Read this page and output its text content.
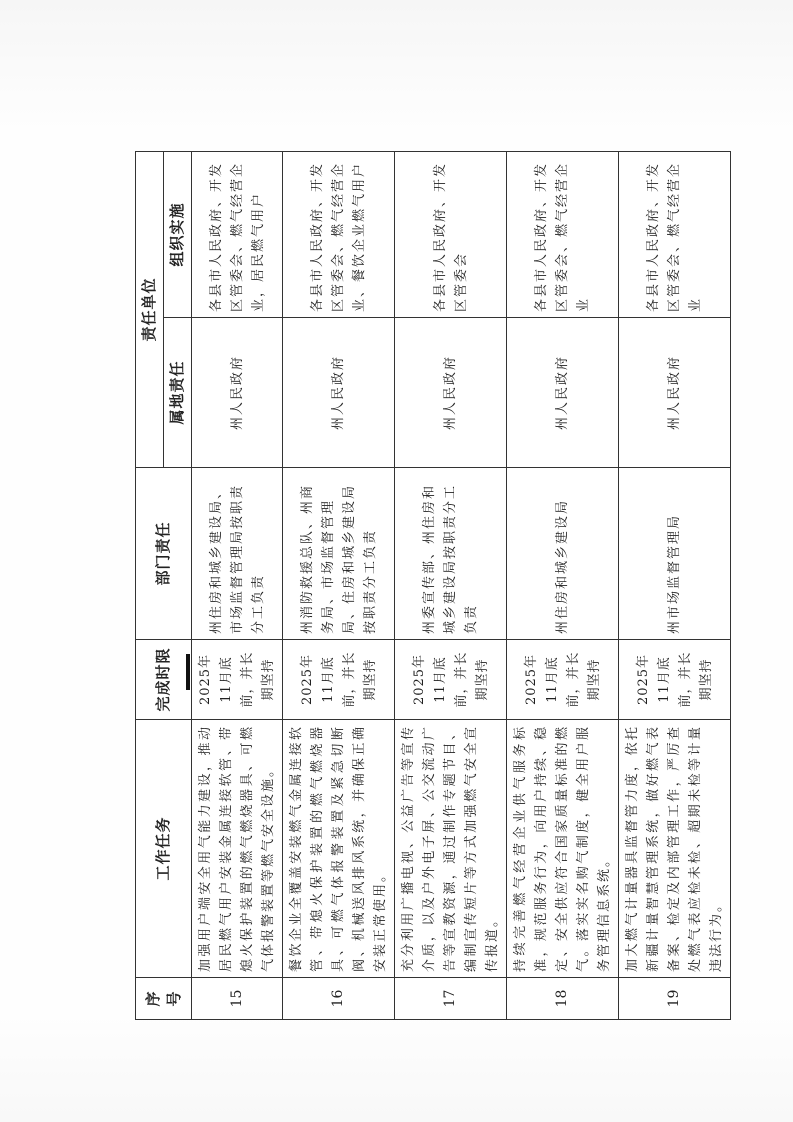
序号	工作任务	完成时限	部门责任	责任单位	
				属地责任	组织实施
15	加强用户端安全用气能力建设，推动居民燃气用户安装金属连接软管、带熄火保护装置的燃气燃烧器具、可燃气体报警装置等燃气安全设施。	2025年11月底前，并长期坚持	州住房和城乡建设局、市场监督管理局按职责分工负责	州人民政府	各县市人民政府、开发区管委会、燃气经营企业，居民燃气用户
16	餐饮企业全覆盖安装燃气金属连接软管、带熄火保护装置的燃气燃烧器具、可燃气体报警装置及紧急切断阀、机械送风排风系统，并确保正确安装正常使用。	2025年11月底前，并长期坚持	州消防救援总队、州商务局、市场监督管理局、住房和城乡建设局按职责分工负责	州人民政府	各县市人民政府、开发区管委会、燃气经营企业、餐饮企业燃气用户
17	充分利用广播电视、公益广告等宣传介质，以及户外电子屏、公交流动广告等宣教资源，通过制作专题节目、编制宣传短片等方式加强燃气安全宣传报道。	2025年11月底前，并长期坚持	州委宣传部、州住房和城乡建设局按职责分工负责	州人民政府	各县市人民政府、开发区管委会
18	持续完善燃气经营企业供气服务标准，规范服务行为，向用户持续、稳定、安全供应符合国家质量标准的燃气。落实实名购气制度，健全用户服务管理信息系统。	2025年11月底前，并长期坚持	州住房和城乡建设局	州人民政府	各县市人民政府、开发区管委会、燃气经营企业
19	加大燃气计量器具监督管力度，依托新疆计量智慧管理系统，做好燃气表备案、检定及内部管理工作，严厉查处燃气表应检未检、超期未检等计量违法行为。	2025年11月底前，并长期坚持	州市场监督管理局	州人民政府	各县市人民政府、开发区管委会、燃气经营企业
